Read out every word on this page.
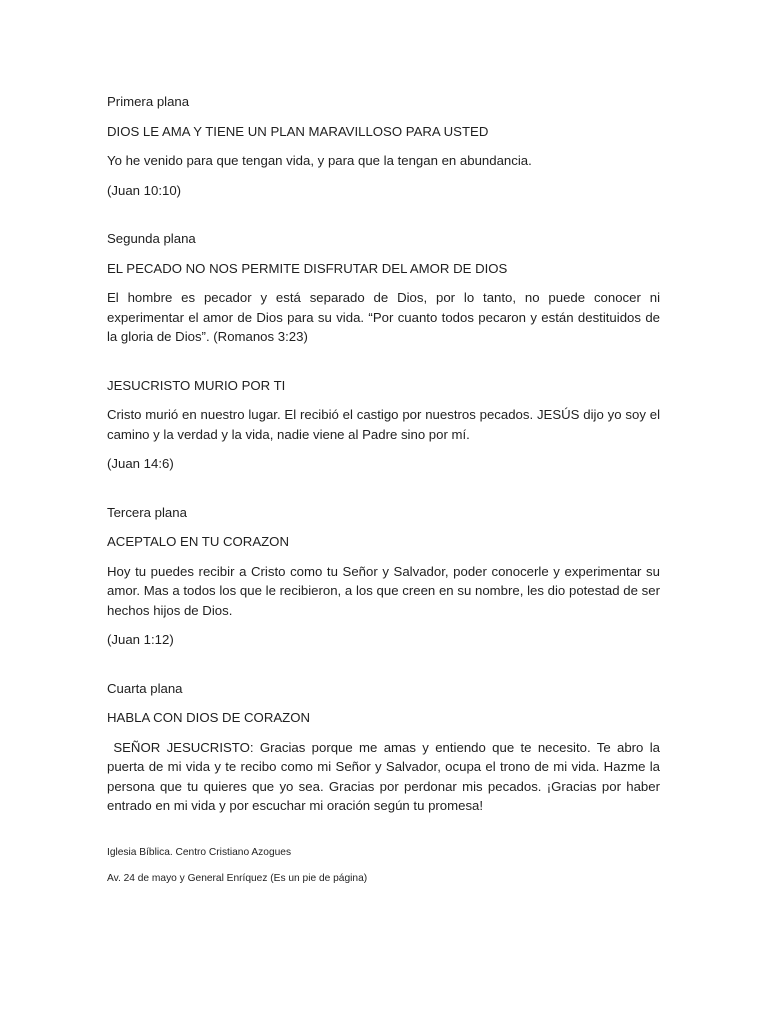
Primera plana
DIOS LE AMA Y TIENE UN PLAN MARAVILLOSO PARA USTED
Yo he venido para que tengan vida, y para que la tengan en abundancia.
(Juan 10:10)
Segunda plana
EL PECADO NO NOS PERMITE DISFRUTAR DEL AMOR DE DIOS
El hombre es pecador y está separado de Dios, por lo tanto, no puede conocer ni experimentar el amor de Dios para su vida. “Por cuanto todos pecaron y están destituidos de la gloria de Dios”. (Romanos 3:23)
JESUCRISTO MURIO POR TI
Cristo murió en nuestro lugar. El recibió el castigo por nuestros pecados. JESÚS dijo yo soy el camino y la verdad y la vida, nadie viene al Padre sino por mí.
(Juan 14:6)
Tercera plana
ACEPTALO EN TU CORAZON
Hoy tu puedes recibir a Cristo como tu Señor y Salvador, poder conocerle y experimentar su amor. Mas a todos los que le recibieron, a los que creen en su nombre, les dio potestad de ser hechos hijos de Dios.
(Juan 1:12)
Cuarta plana
HABLA CON DIOS DE CORAZON
SEÑOR JESUCRISTO: Gracias porque me amas y entiendo que te necesito. Te abro la puerta de mi vida y te recibo como mi Señor y Salvador, ocupa el trono de mi vida. Hazme la persona que tu quieres que yo sea. Gracias por perdonar mis pecados. ¡Gracias por haber entrado en mi vida y por escuchar mi oración según tu promesa!
Iglesia Bíblica. Centro Cristiano Azogues
Av. 24 de mayo y General Enríquez (Es un pie de página)
